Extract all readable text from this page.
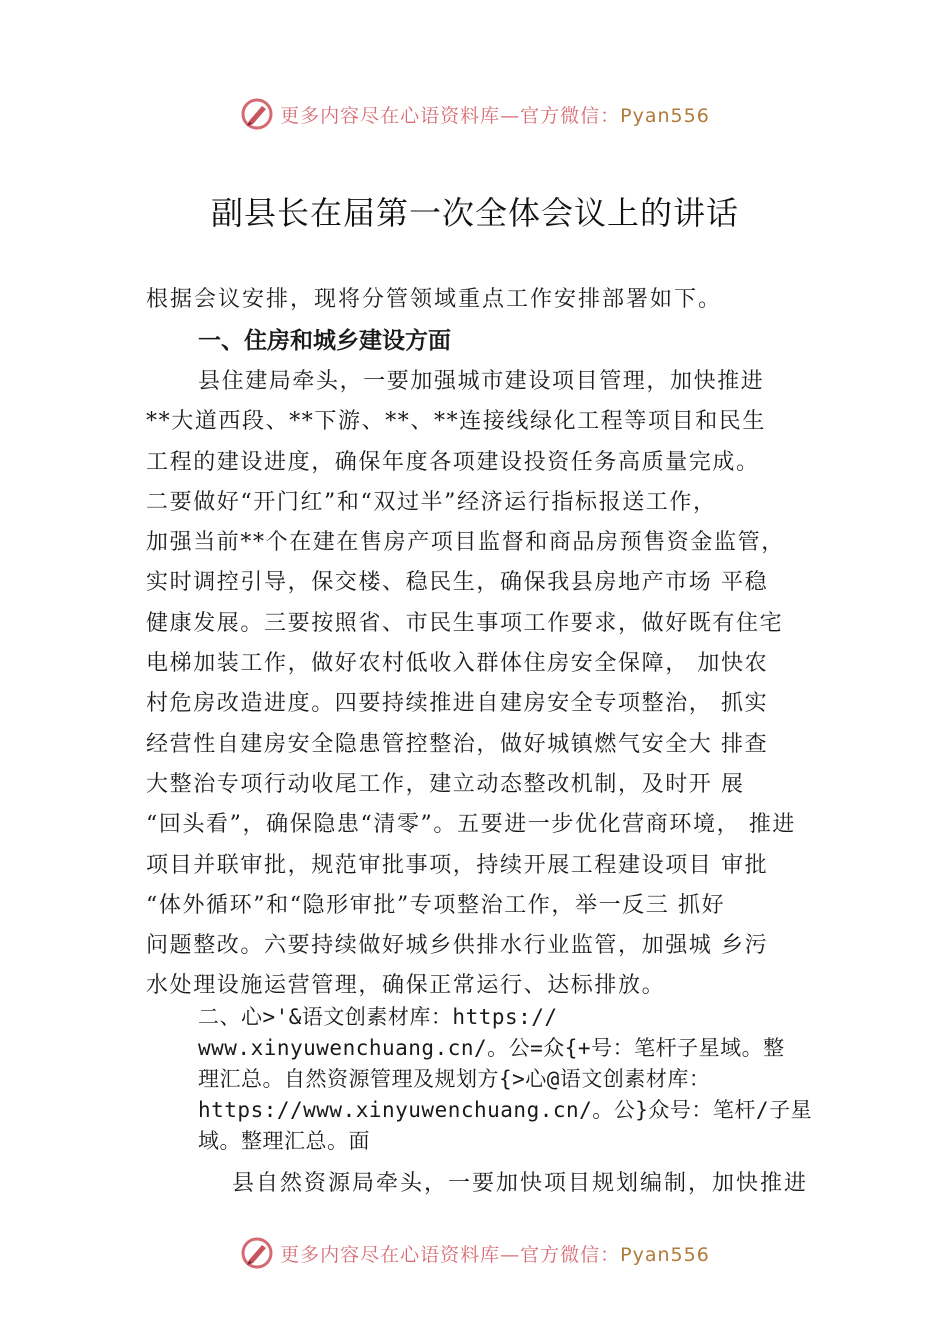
更多内容尽在心语资料库—官方微信：Pyan556
副县长在届第一次全体会议上的讲话
根据会议安排，现将分管领域重点工作安排部署如下。
一、住房和城乡建设方面
县住建局牵头，一要加强城市建设项目管理，加快推进
**大道西段、**下游、**、**连接线绿化工程等项目和民生
工程的建设进度，确保年度各项建设投资任务高质量完成。
二要做好“开门红”和“双过半”经济运行指标报送工作，
加强当前**个在建在售房产项目监督和商品房预售资金监管，
实时调控引导，保交楼、稳民生，确保我县房地产市场 平稳
健康发展。三要按照省、市民生事项工作要求，做好既有住宅
电梯加装工作，做好农村低收入群体住房安全保障， 加快农
村危房改造进度。四要持续推进自建房安全专项整治， 抓实
经营性自建房安全隐患管控整治，做好城镇燃气安全大 排查
大整治专项行动收尾工作，建立动态整改机制，及时开 展
“回头看”，确保隐患“清零”。五要进一步优化营商环境， 推进
项目并联审批，规范审批事项，持续开展工程建设项目 审批
“体外循环”和“隐形审批”专项整治工作，举一反三 抓好
问题整改。六要持续做好城乡供排水行业监管，加强城 乡污
水处理设施运营管理，确保正常运行、达标排放。
二、心>'&语文创素材库：https://
www.xinyuwenchuang.cn/。公=众{+号：笔杆子星域。整
理汇总。自然资源管理及规划方{>心@语文创素材库：
https://www.xinyuwenchuang.cn/。公}众号：笔杆/子星
域。整理汇总。面
县自然资源局牵头，一要加快项目规划编制，加快推进
更多内容尽在心语资料库—官方微信：Pyan556
